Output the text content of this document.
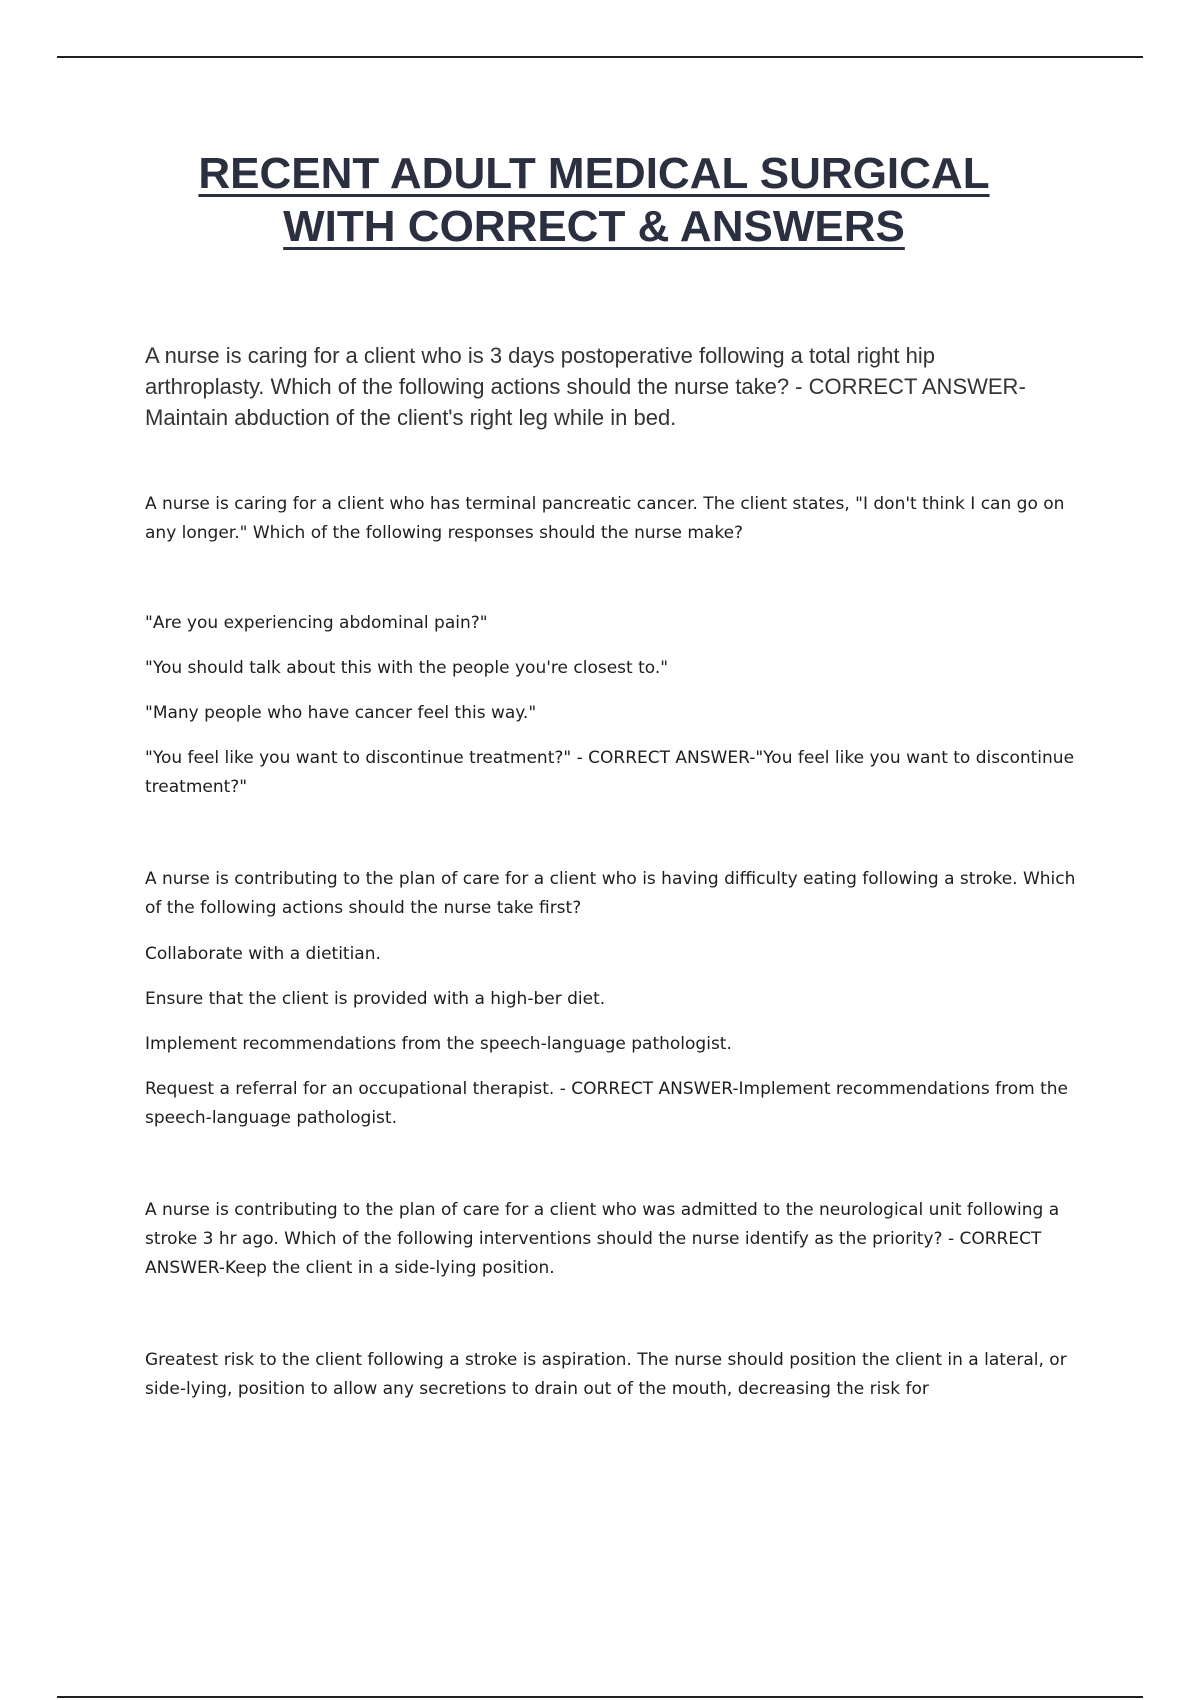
RECENT ADULT MEDICAL SURGICAL
WITH CORRECT & ANSWERS

A nurse is caring for a client who is 3 days postoperative following a total right hip arthroplasty. Which of the following actions should the nurse take? - CORRECT ANSWER-Maintain abduction of the client's right leg while in bed.

A nurse is caring for a client who has terminal pancreatic cancer. The client states, "I don't think I can go on any longer." Which of the following responses should the nurse make?

"Are you experiencing abdominal pain?"

"You should talk about this with the people you're closest to."

"Many people who have cancer feel this way."

"You feel like you want to discontinue treatment?" - CORRECT ANSWER-"You feel like you want to discontinue treatment?"

A nurse is contributing to the plan of care for a client who is having difficulty eating following a stroke. Which of the following actions should the nurse take first?

Collaborate with a dietitian.

Ensure that the client is provided with a high-ber diet.

Implement recommendations from the speech-language pathologist.

Request a referral for an occupational therapist. - CORRECT ANSWER-Implement recommendations from the speech-language pathologist.

A nurse is contributing to the plan of care for a client who was admitted to the neurological unit following a stroke 3 hr ago. Which of the following interventions should the nurse identify as the priority? - CORRECT ANSWER-Keep the client in a side-lying position.

Greatest risk to the client following a stroke is aspiration. The nurse should position the client in a lateral, or side-lying, position to allow any secretions to drain out of the mouth, decreasing the risk for
